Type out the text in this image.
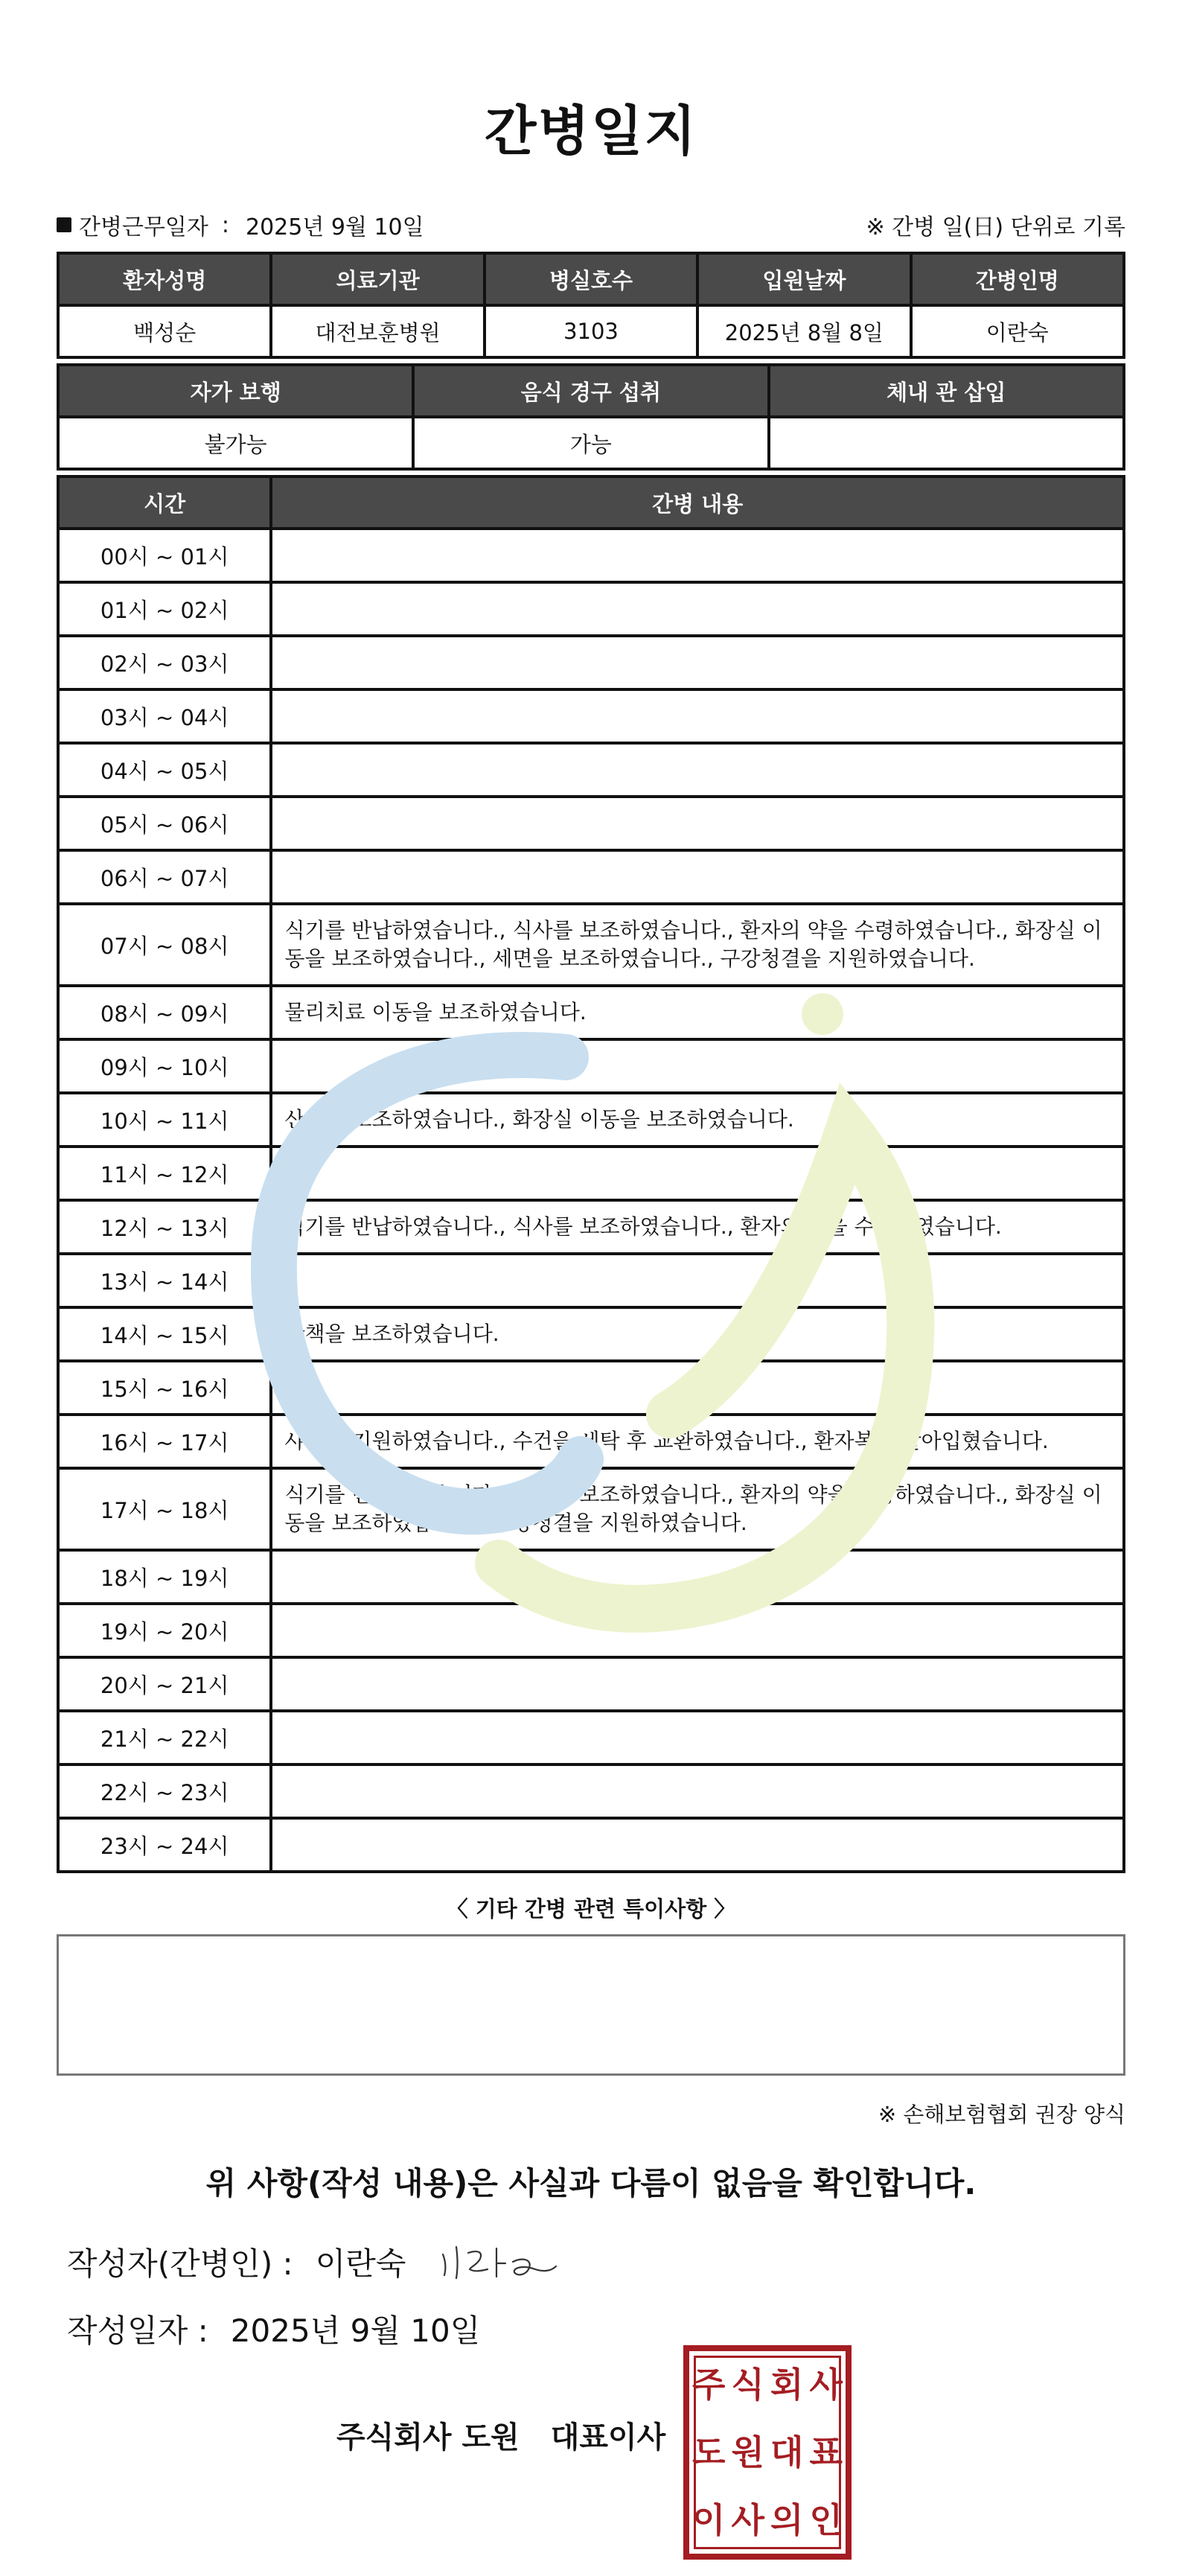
간병일지
간병근무일자 : 2025년 9월 10일	※ 간병 일(日) 단위로 기록
환자성명	의료기관	병실호수	입원날짜	간병인명
백성순	대전보훈병원	3103	2025년 8월 8일	이란숙
자가 보행	음식 경구 섭취	체내 관 삽입
불가능	가능	
시간	간병 내용
00시 ~ 01시	
01시 ~ 02시	
02시 ~ 03시	
03시 ~ 04시	
04시 ~ 05시	
05시 ~ 06시	
06시 ~ 07시	
07시 ~ 08시	식기를 반납하였습니다., 식사를 보조하였습니다., 환자의 약을 수령하였습니다., 화장실 이동을 보조하였습니다., 세면을 보조하였습니다., 구강청결을 지원하였습니다.
08시 ~ 09시	물리치료 이동을 보조하였습니다.
09시 ~ 10시	
10시 ~ 11시	산책을 보조하였습니다., 화장실 이동을 보조하였습니다.
11시 ~ 12시	
12시 ~ 13시	식기를 반납하였습니다., 식사를 보조하였습니다., 환자의 약을 수령하였습니다.
13시 ~ 14시	
14시 ~ 15시	산책을 보조하였습니다.
15시 ~ 16시	
16시 ~ 17시	샤워를 지원하였습니다., 수건을 세탁 후 교환하였습니다., 환자복을 갈아입혔습니다.
17시 ~ 18시	식기를 반납하였습니다., 식사를 보조하였습니다., 환자의 약을 수령하였습니다., 화장실 이동을 보조하였습니다., 구강청결을 지원하였습니다.
18시 ~ 19시	
19시 ~ 20시	
20시 ~ 21시	
21시 ~ 22시	
22시 ~ 23시	
23시 ~ 24시	
〈 기타 간병 관련 특이사항 〉
※ 손해보험협회 권장 양식
위 사항(작성 내용)은 사실과 다름이 없음을 확인합니다.
작성자(간병인) : 이란숙
작성일자 : 2025년 9월 10일
주식회사 도원 대표이사
주 식 회 사
도 원 대 표
이 사 의 인
